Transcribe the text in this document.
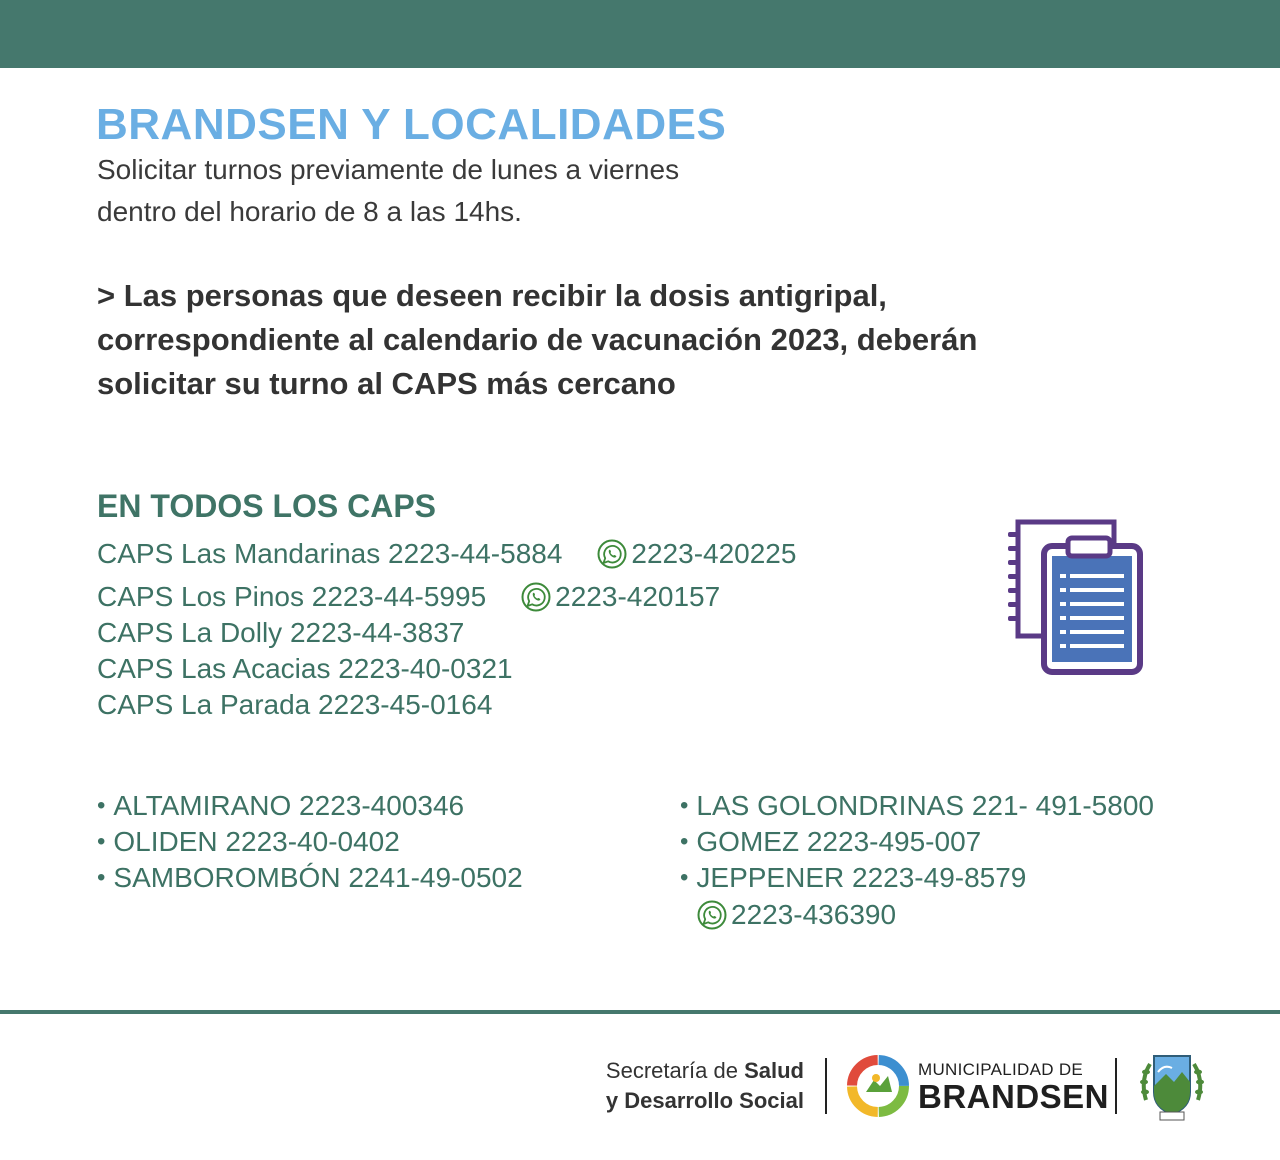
BRANDSEN Y LOCALIDADES

Solicitar turnos previamente de lunes a viernes

dentro del horario de 8 a las 14hs.

> Las personas que deseen recibir la dosis antigripal,

correspondiente al calendario de vacunación 2023, deberán

solicitar su turno al CAPS más cercano

EN TODOS LOS CAPS
CAPS Las Mandarinas 2223-44-5884 2223-420225
CAPS Los Pinos 2223-44-5995 2223-420157
CAPS La Dolly 2223-44-3837
CAPS Las Acacias 2223-40-0321
CAPS La Parada 2223-45-0164
• ALTAMIRANO 2223-400346
• OLIDEN 2223-40-0402
• SAMBOROMBÓN 2241-49-0502
• LAS GOLONDRINAS 221- 491-5800
• GOMEZ 2223-495-007
• JEPPENER 2223-49-8579
2223-436390
Secretaría de Salud
y Desarrollo Social
MUNICIPALIDAD DE
BRANDSEN
